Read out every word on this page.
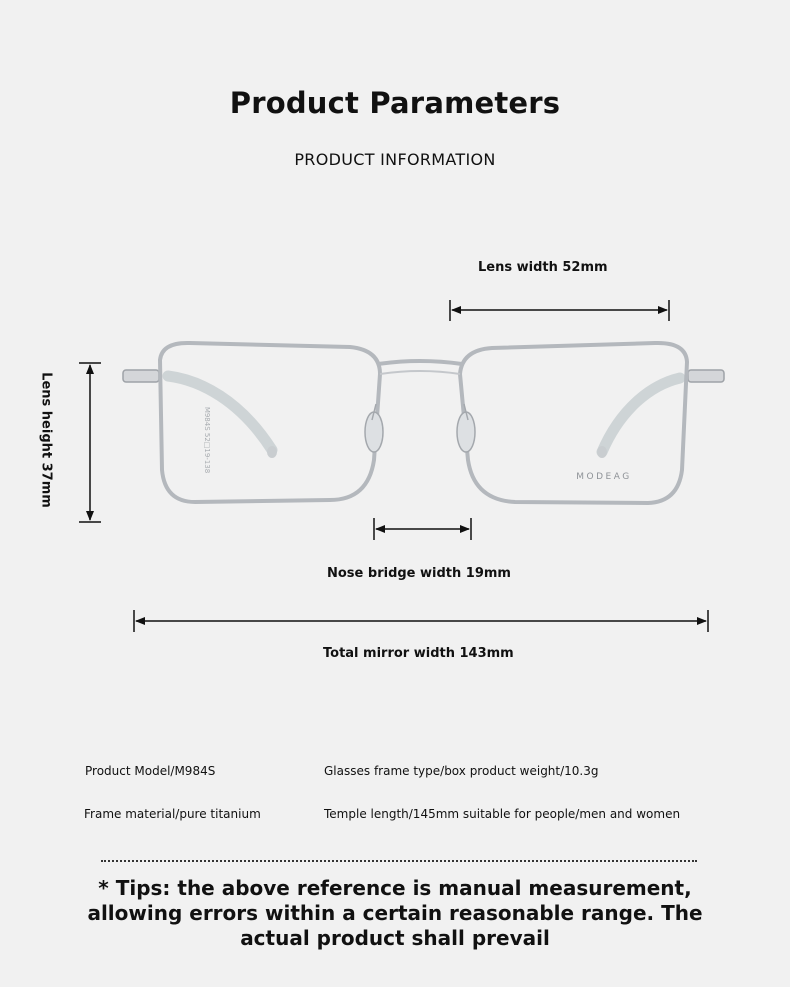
Product Parameters
PRODUCT INFORMATION
MODEAG
M984S 52□19-138
Lens width 52mm
Lens height 37mm
Nose bridge width 19mm
Total mirror width 143mm
Product Model/M984S	Glasses frame type/box product weight/10.3g
Frame material/pure titanium	Temple length/145mm suitable for people/men and women
* Tips: the above reference is manual measurement, allowing errors within a certain reasonable range. The actual product shall prevail
